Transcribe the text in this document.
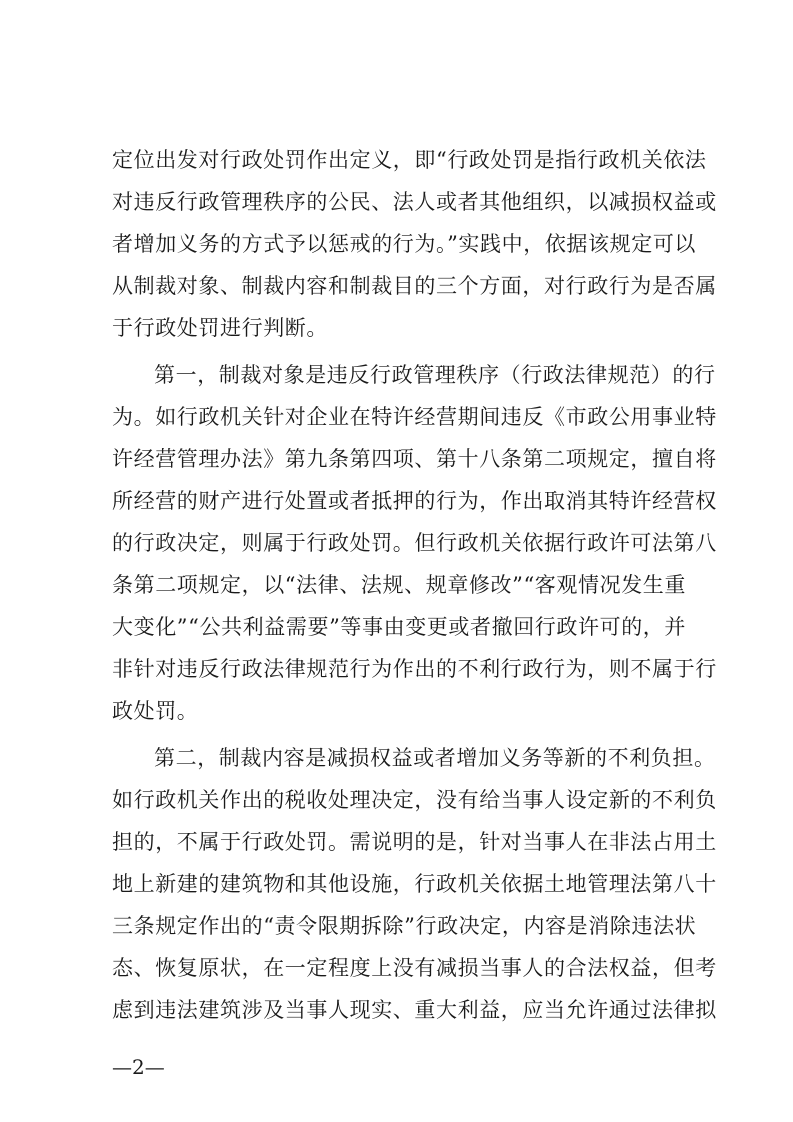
定位出发对行政处罚作出定义，即“行政处罚是指行政机关依法
对违反行政管理秩序的公民、法人或者其他组织，以减损权益或
者增加义务的方式予以惩戒的行为。”实践中，依据该规定可以
从制裁对象、制裁内容和制裁目的三个方面，对行政行为是否属
于行政处罚进行判断。
第一，制裁对象是违反行政管理秩序（行政法律规范）的行
为。如行政机关针对企业在特许经营期间违反《市政公用事业特
许经营管理办法》第九条第四项、第十八条第二项规定，擅自将
所经营的财产进行处置或者抵押的行为，作出取消其特许经营权
的行政决定，则属于行政处罚。但行政机关依据行政许可法第八
条第二项规定，以“法律、法规、规章修改”“客观情况发生重
大变化”“公共利益需要”等事由变更或者撤回行政许可的，并
非针对违反行政法律规范行为作出的不利行政行为，则不属于行
政处罚。
第二，制裁内容是减损权益或者增加义务等新的不利负担。
如行政机关作出的税收处理决定，没有给当事人设定新的不利负
担的，不属于行政处罚。需说明的是，针对当事人在非法占用土
地上新建的建筑物和其他设施，行政机关依据土地管理法第八十
三条规定作出的“责令限期拆除”行政决定，内容是消除违法状
态、恢复原状，在一定程度上没有减损当事人的合法权益，但考
虑到违法建筑涉及当事人现实、重大利益，应当允许通过法律拟
—2—
